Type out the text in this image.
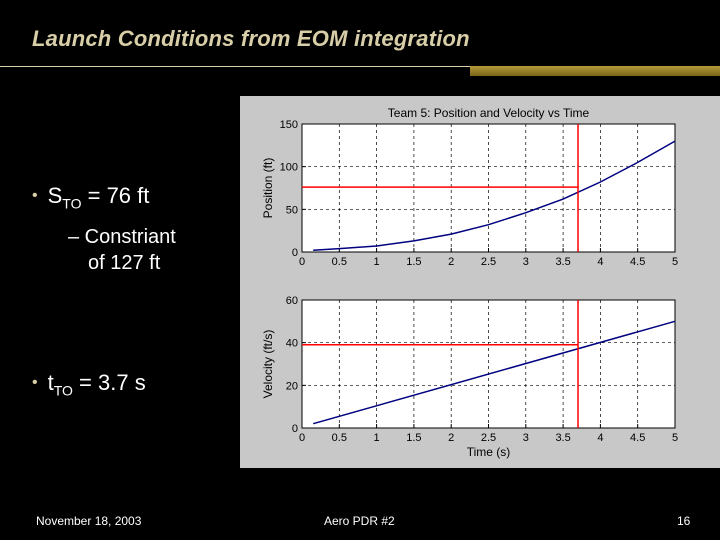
Launch Conditions from EOM integration
• $S_{TO} = 76$ ft
– Constriant
of 127 ft
• $t_{TO} = 3.7$ s
0 0.5 1 1.5 2 2.5 3 3.5 4 4.5 5
0
50
100
150
Team 5: Position and Velocity vs Time
Position (ft)
0 0.5 1 1.5 2 2.5 3 3.5 4 4.5 5
0
20
40
60
Velocity (ft/s)
Time (s)
November 18, 2003	Aero PDR #2	16
